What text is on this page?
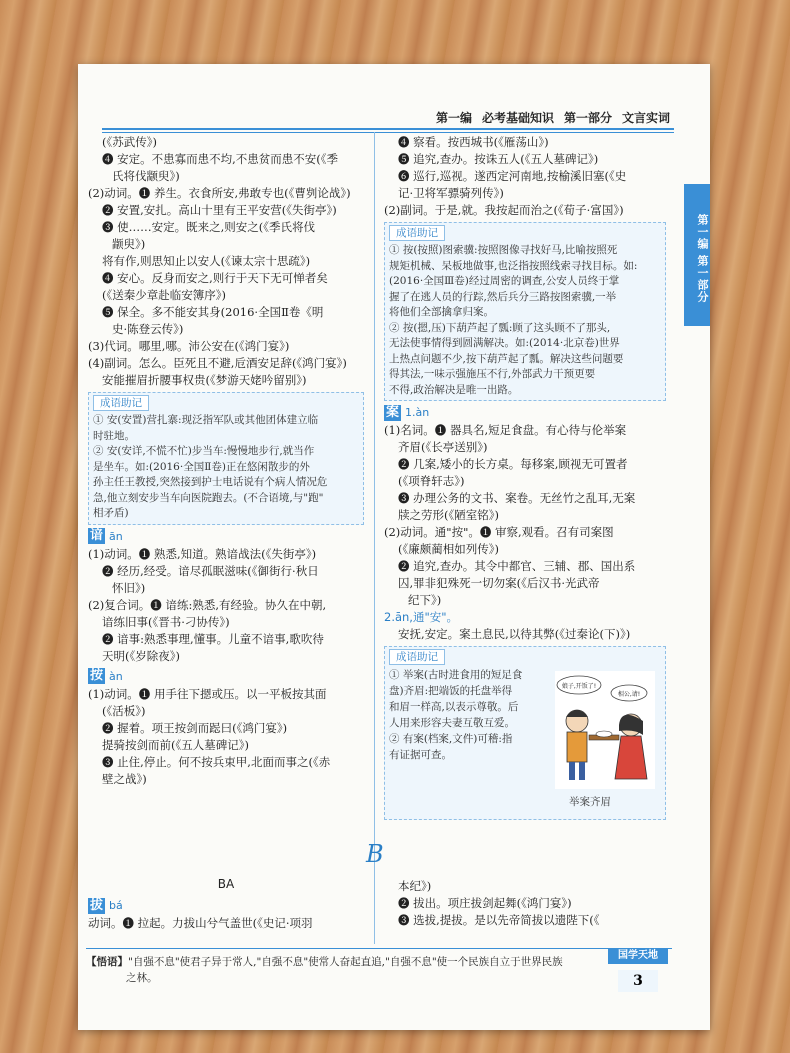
第一编 必考基础知识 第一部分 文言实词
第一编 第一部分
(《苏武传》)
❹ 安定。不患寡而患不均,不患贫而患不安(《季
氏将伐颛臾》)
(2)动词。❶ 养生。衣食所安,弗敢专也(《曹刿论战》)
❷ 安置,安扎。高山十里有王平安营(《失街亭》)
❸ 使……安定。既来之,则安之(《季氏将伐
颛臾》)
将有作,则思知止以安人(《谏太宗十思疏》)
❹ 安心。反身而安之,则行于天下无可惮者矣
(《送秦少章赴临安簿序》)
❺ 保全。多不能安其身(2016·全国Ⅱ卷《明
史·陈登云传》)
(3)代词。哪里,哪。沛公安在(《鸿门宴》)
(4)副词。怎么。臣死且不避,卮酒安足辞(《鸿门宴》)
安能摧眉折腰事权贵(《梦游天姥吟留别》)
成语助记
① 安(安置)营扎寨:现泛指军队或其他团体建立临
时驻地。
② 安(安详,不慌不忙)步当车:慢慢地步行,就当作
是坐车。如:(2016·全国Ⅱ卷)正在悠闲散步的外
孙主任王教授,突然接到护士电话说有个病人情况危
急,他立刻安步当车向医院跑去。(不合语境,与"跑"
相矛盾)
谙 ān
(1)动词。❶ 熟悉,知道。熟谙战法(《失街亭》)
❷ 经历,经受。谙尽孤眠滋味(《御街行·秋日
怀旧》)
(2)复合词。❶ 谙练:熟悉,有经验。协久在中朝,
谙练旧事(《晋书·刁协传》)
❷ 谙事:熟悉事理,懂事。儿童不谙事,歌吹待
天明(《岁除夜》)
按 àn
(1)动词。❶ 用手往下摁或压。以一平板按其面
(《活板》)
❷ 握着。项王按剑而跽曰(《鸿门宴》)
提骑按剑而前(《五人墓碑记》)
❸ 止住,停止。何不按兵束甲,北面而事之(《赤
壁之战》)
❹ 察看。按西城书(《雁荡山》)
❺ 追究,查办。按诛五人(《五人墓碑记》)
❻ 巡行,巡视。遂西定河南地,按榆溪旧塞(《史
记·卫将军骠骑列传》)
(2)副词。于是,就。我按起而治之(《荀子·富国》)
成语助记
① 按(按照)图索骥:按照图像寻找好马,比喻按照死
规矩机械、呆板地做事,也泛指按照线索寻找目标。如:
(2016·全国Ⅲ卷)经过周密的调查,公安人员终于掌
握了在逃人员的行踪,然后兵分三路按图索骥,一举
将他们全部擒拿归案。
② 按(摁,压)下葫芦起了瓢:顾了这头顾不了那头,
无法使事情得到圆满解决。如:(2014·北京卷)世界
上热点问题不少,按下葫芦起了瓢。解决这些问题要
得其法,一味示强施压不行,外部武力干预更要
不得,政治解决是唯一出路。
案 1.àn
(1)名词。❶ 器具名,短足食盘。有心待与伦举案
齐眉(《长亭送别》)
❷ 几案,矮小的长方桌。每移案,顾视无可置者
(《项脊轩志》)
❸ 办理公务的文书、案卷。无丝竹之乱耳,无案
牍之劳形(《陋室铭》)
(2)动词。通"按"。❶ 审察,观看。召有司案图
(《廉颇蔺相如列传》)
❷ 追究,查办。其令中都官、三辅、郡、国出系
囚,罪非犯殊死一切勿案(《后汉书·光武帝
纪下》)
2.ān,通"安"。
安抚,安定。案土息民,以待其弊(《过秦论(下)》)
成语助记
① 举案(古时进食用的短足食
盘)齐眉:把端饭的托盘举得
和眉一样高,以表示尊敬。后
人用来形容夫妻互敬互爱。
② 有案(档案,文件)可稽:指
有证据可查。
娘子,开饭了!
相公,请!
举案齐眉
B
BA
拔 bá
动词。❶ 拉起。力拔山兮气盖世(《史记·项羽
本纪》)
❷ 拔出。项庄拔剑起舞(《鸿门宴》)
❸ 选拔,提拔。是以先帝简拔以遗陛下(《
国学天地
【悟语】"自强不息"使君子异于常人,"自强不息"使常人奋起直追,"自强不息"使一个民族自立于世界民族
之林。	3
